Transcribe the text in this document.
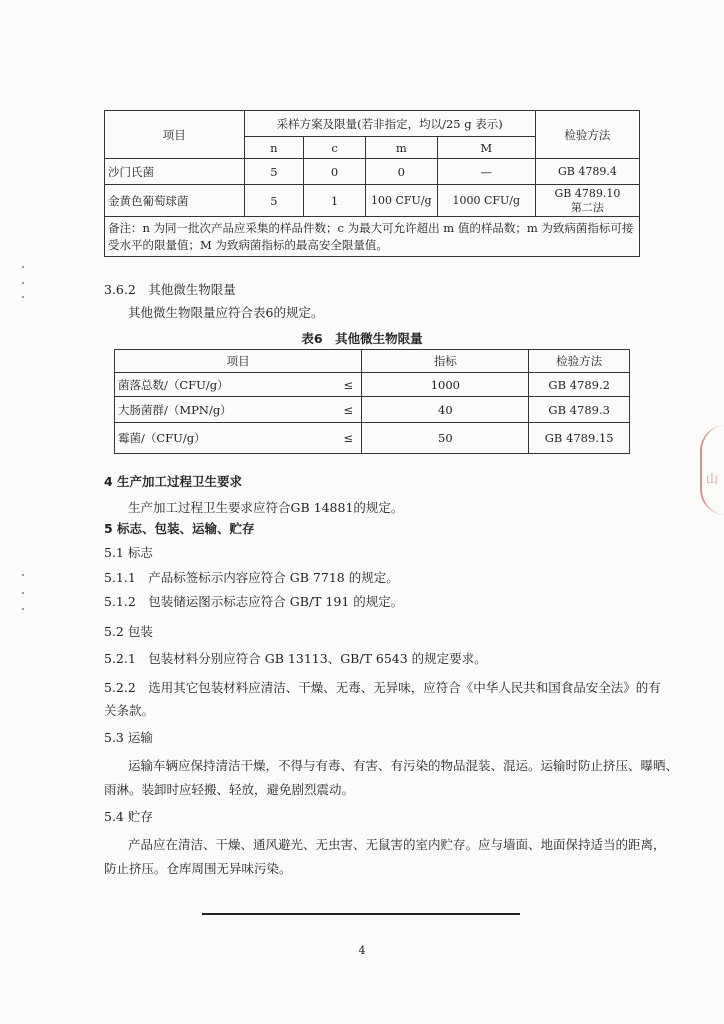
项目	采样方案及限量(若非指定，均以/25 g 表示)				检验方法
	n	c	m	M	
沙门氏菌	5	0	0	—	GB 4789.4
金黄色葡萄球菌	5	1	100 CFU/g	1000 CFU/g	GB 4789.10
第二法

备注：n 为同一批次产品应采集的样品件数；c 为最大可允许超出 m 值的样品数；m 为致病菌指标可接
受水平的限量值；M 为致病菌指标的最高安全限量值。					
3.6.2　其他微生物限量
其他微生物限量应符合表6的规定。
表6　其他微生物限量
项目		指标	检验方法
菌落总数/（CFU/g）	≤	1000	GB 4789.2
大肠菌群/（MPN/g）	≤	40	GB 4789.3
霉菌/（CFU/g）	≤	50	GB 4789.15
4 生产加工过程卫生要求
生产加工过程卫生要求应符合GB 14881的规定。
5 标志、包装、运输、贮存
5.1 标志
5.1.1　产品标签标示内容应符合 GB 7718 的规定。
5.1.2　包装储运图示标志应符合 GB/T 191 的规定。
5.2 包装
5.2.1　包装材料分别应符合 GB 13113、GB/T 6543 的规定要求。
5.2.2　选用其它包装材料应清洁、干燥、无毒、无异味，应符合《中华人民共和国食品安全法》的有
关条款。
5.3 运输
运输车辆应保持清洁干燥，不得与有毒、有害、有污染的物品混装、混运。运输时防止挤压、曝晒、
雨淋。装卸时应轻搬、轻放，避免剧烈震动。
5.4 贮存
产品应在清洁、干燥、通风避光、无虫害、无鼠害的室内贮存。应与墙面、地面保持适当的距离，
防止挤压。仓库周围无异味污染。
4
山
